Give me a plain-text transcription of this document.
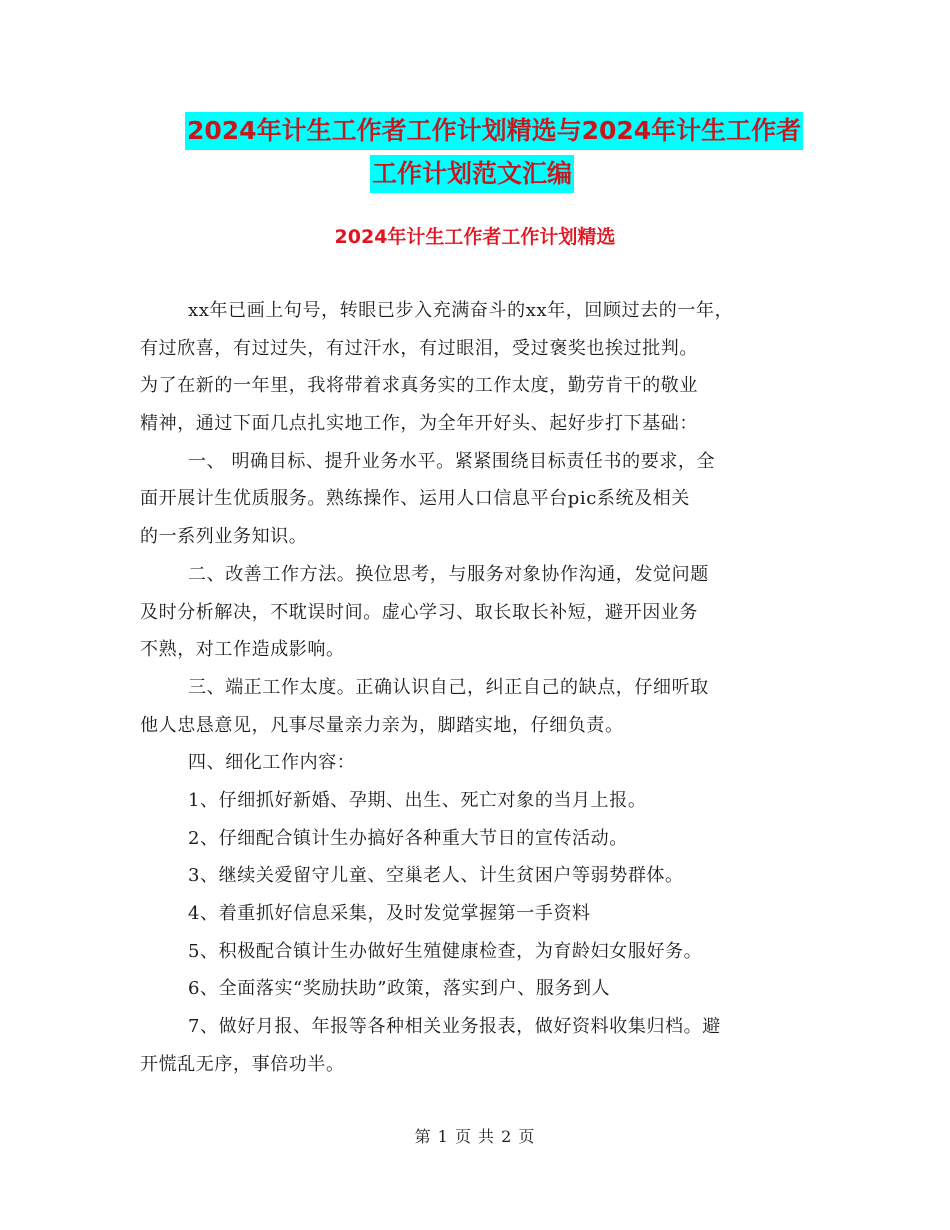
2024年计生工作者工作计划精选与2024年计生工作者
工作计划范文汇编
2024年计生工作者工作计划精选
xx年已画上句号，转眼已步入充满奋斗的xx年，回顾过去的一年，
有过欣喜，有过过失，有过汗水，有过眼泪，受过褒奖也挨过批判。
为了在新的一年里，我将带着求真务实的工作太度，勤劳肯干的敬业
精神，通过下面几点扎实地工作，为全年开好头、起好步打下基础：
一、 明确目标、提升业务水平。紧紧围绕目标责任书的要求，全
面开展计生优质服务。熟练操作、运用人口信息平台pic系统及相关
的一系列业务知识。
二、改善工作方法。换位思考，与服务对象协作沟通，发觉问题
及时分析解决，不耽误时间。虚心学习、取长取长补短，避开因业务
不熟，对工作造成影响。
三、端正工作太度。正确认识自己，纠正自己的缺点，仔细听取
他人忠恳意见，凡事尽量亲力亲为，脚踏实地，仔细负责。
四、细化工作内容：
1、仔细抓好新婚、孕期、出生、死亡对象的当月上报。
2、仔细配合镇计生办搞好各种重大节日的宣传活动。
3、继续关爱留守儿童、空巢老人、计生贫困户等弱势群体。
4、着重抓好信息采集，及时发觉掌握第一手资料
5、积极配合镇计生办做好生殖健康检查，为育龄妇女服好务。
6、全面落实“奖励扶助”政策，落实到户、服务到人
7、做好月报、年报等各种相关业务报表，做好资料收集归档。避
开慌乱无序，事倍功半。
第 1 页 共 2 页
